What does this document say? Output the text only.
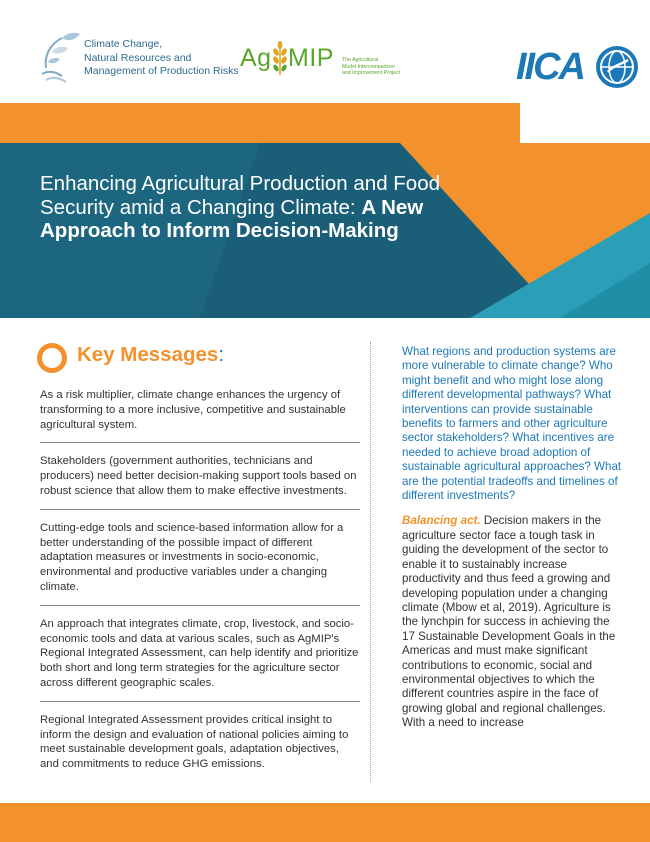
Climate Change,
Natural Resources and
Management of Production Risks Ag MIP The Agricultural
Model Intercomparison
and Improvement Project	IICA
Enhancing Agricultural Production and Food Security amid a Changing Climate: A New Approach to Inform Decision-Making
Key Messages:
As a risk multiplier, climate change enhances the urgency of transforming to a more inclusive, competitive and sustainable agricultural system.
Stakeholders (government authorities, technicians and producers) need better decision-making support tools based on robust science that allow them to make effective investments.
Cutting-edge tools and science-based information allow for a better understanding of the possible impact of different adaptation measures or investments in socio-economic, environmental and productive variables under a changing climate.
An approach that integrates climate, crop, livestock, and socio-economic tools and data at various scales, such as AgMIP's Regional Integrated Assessment, can help identify and prioritize both short and long term strategies for the agriculture sector across different geographic scales.
Regional Integrated Assessment provides critical insight to inform the design and evaluation of national policies aiming to meet sustainable development goals, adaptation objectives, and commitments to reduce GHG emissions.

What regions and production systems are more vulnerable to climate change? Who might benefit and who might lose along different developmental pathways? What interventions can provide sustainable benefits to farmers and other agriculture sector stakeholders? What incentives are needed to achieve broad adoption of sustainable agricultural approaches? What are the potential tradeoffs and timelines of different investments?

Balancing act. Decision makers in the agriculture sector face a tough task in guiding the development of the sector to enable it to sustainably increase productivity and thus feed a growing and developing population under a changing climate (Mbow et al, 2019). Agriculture is the lynchpin for success in achieving the 17 Sustainable Development Goals in the Americas and must make significant contributions to economic, social and environmental objectives to which the different countries aspire in the face of growing global and regional challenges. With a need to increase
